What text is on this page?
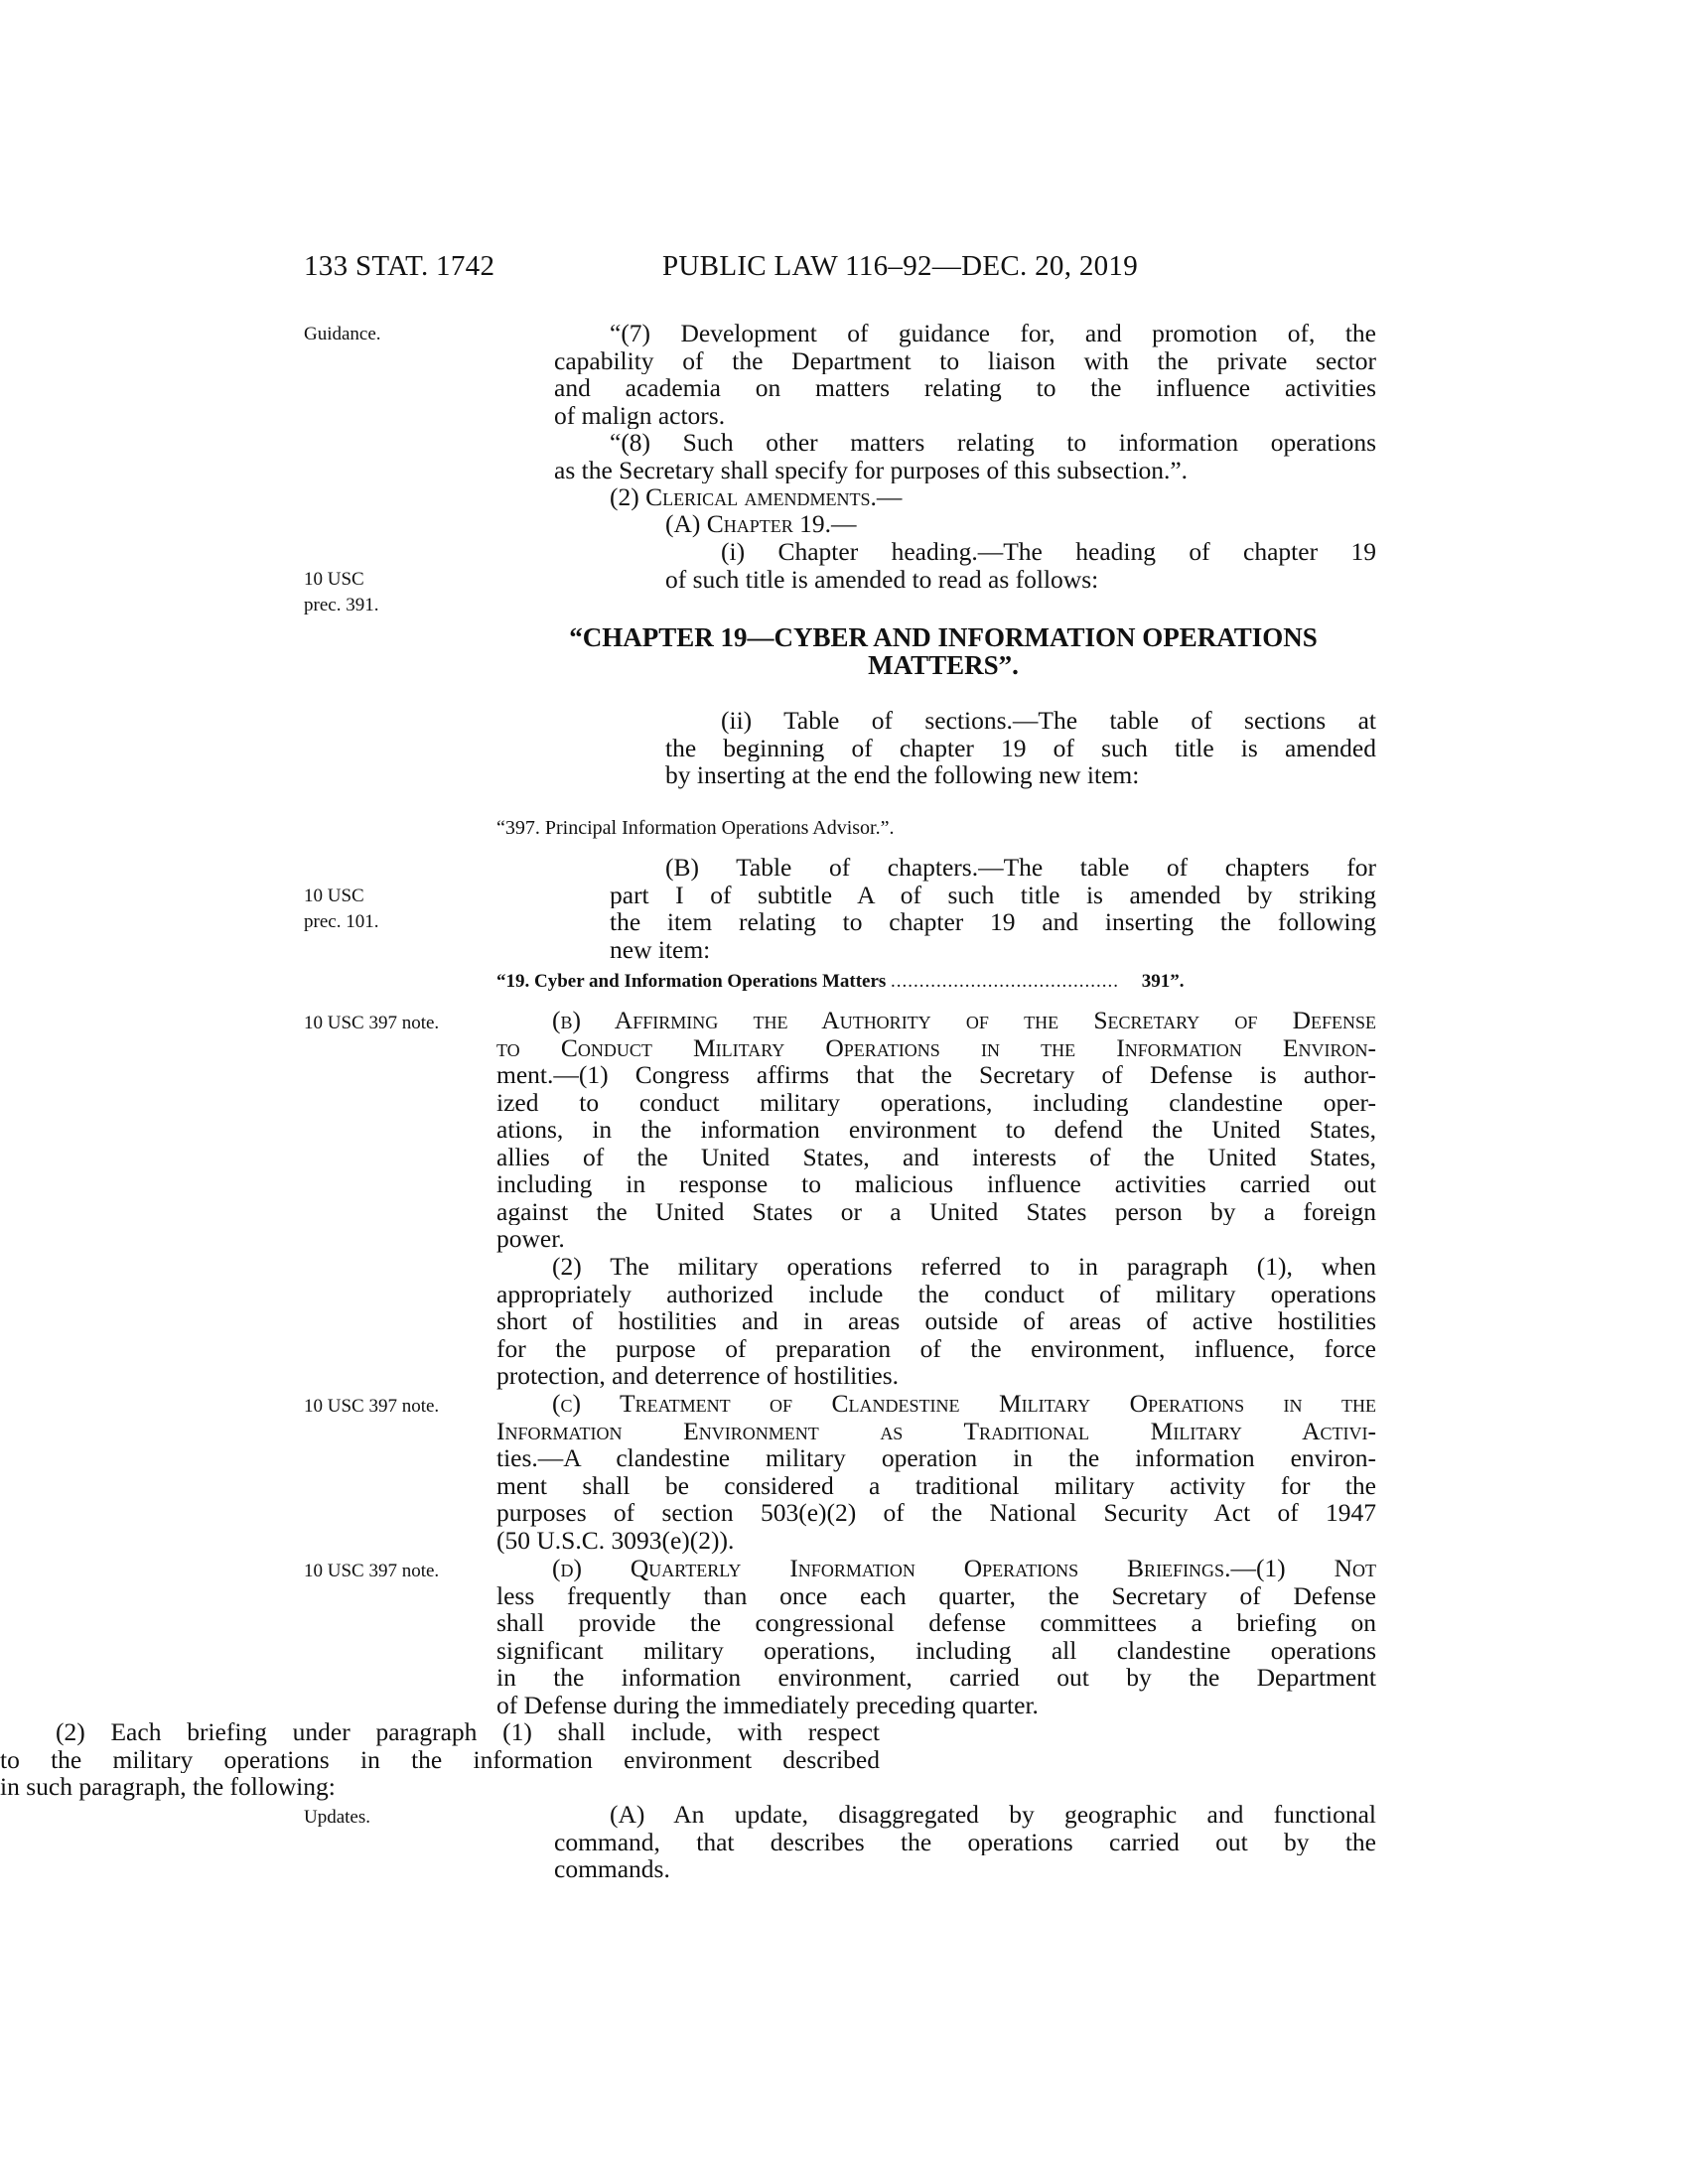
133 STAT. 1742	PUBLIC LAW 116–92—DEC. 20, 2019
Guidance.
10 USC
prec. 391.
10 USC
prec. 101.
10 USC 397 note.
10 USC 397 note.
10 USC 397 note.
Updates.
“(7) Development of guidance for, and promotion of, the
capability of the Department to liaison with the private sector
and academia on matters relating to the influence activities
of malign actors.
“(8) Such other matters relating to information operations
as the Secretary shall specify for purposes of this subsection.”.
(2) Clerical amendments.—
(A) Chapter 19.—
(i) Chapter heading.—The heading of chapter 19
of such title is amended to read as follows:
“CHAPTER 19—CYBER AND INFORMATION OPERATIONS
MATTERS”.
(ii) Table of sections.—The table of sections at
the beginning of chapter 19 of such title is amended
by inserting at the end the following new item:
“397. Principal Information Operations Advisor.”.
(B) Table of chapters.—The table of chapters for
part I of subtitle A of such title is amended by striking
the item relating to chapter 19 and inserting the following
new item:
“19. Cyber and Information Operations Matters ........................................ 391”.
(b) Affirming the Authority of the Secretary of Defense
to Conduct Military Operations in the Information Environ-
ment.—(1) Congress affirms that the Secretary of Defense is author-
ized to conduct military operations, including clandestine oper-
ations, in the information environment to defend the United States,
allies of the United States, and interests of the United States,
including in response to malicious influence activities carried out
against the United States or a United States person by a foreign
power.
(2) The military operations referred to in paragraph (1), when
appropriately authorized include the conduct of military operations
short of hostilities and in areas outside of areas of active hostilities
for the purpose of preparation of the environment, influence, force
protection, and deterrence of hostilities.
(c) Treatment of Clandestine Military Operations in the
Information Environment as Traditional Military Activi-
ties.—A clandestine military operation in the information environ-
ment shall be considered a traditional military activity for the
purposes of section 503(e)(2) of the National Security Act of 1947
(50 U.S.C. 3093(e)(2)).
(d) Quarterly Information Operations Briefings.—(1) Not
less frequently than once each quarter, the Secretary of Defense
shall provide the congressional defense committees a briefing on
significant military operations, including all clandestine operations
in the information environment, carried out by the Department
of Defense during the immediately preceding quarter.
(2) Each briefing under paragraph (1) shall include, with respect
to the military operations in the information environment described
in such paragraph, the following:
(A) An update, disaggregated by geographic and functional
command, that describes the operations carried out by the
commands.
